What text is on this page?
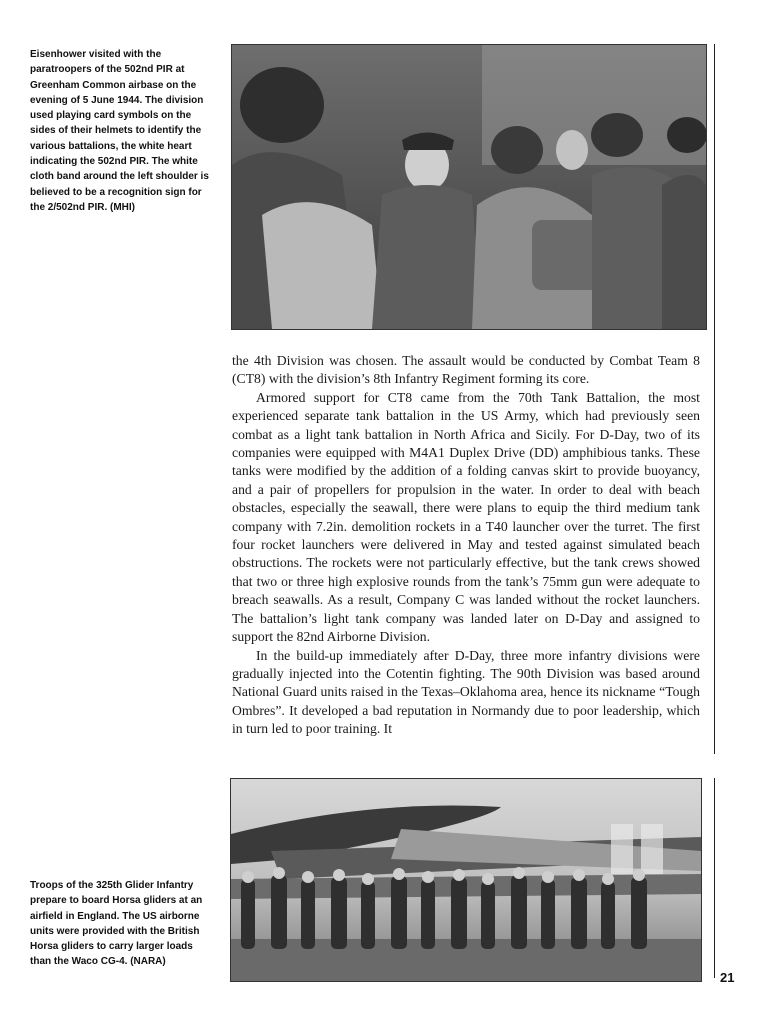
Eisenhower visited with the paratroopers of the 502nd PIR at Greenham Common airbase on the evening of 5 June 1944. The division used playing card symbols on the sides of their helmets to identify the various battalions, the white heart indicating the 502nd PIR. The white cloth band around the left shoulder is believed to be a recognition sign for the 2/502nd PIR. (MHI)

the 4th Division was chosen. The assault would be conducted by Combat Team 8 (CT8) with the division’s 8th Infantry Regiment forming its core.

Armored support for CT8 came from the 70th Tank Battalion, the most experienced separate tank battalion in the US Army, which had previously seen combat as a light tank battalion in North Africa and Sicily. For D-Day, two of its companies were equipped with M4A1 Duplex Drive (DD) amphibious tanks. These tanks were modified by the addition of a folding canvas skirt to provide buoyancy, and a pair of propellers for propulsion in the water. In order to deal with beach obstacles, especially the seawall, there were plans to equip the third medium tank company with 7.2in. demolition rockets in a T40 launcher over the turret. The first four rocket launchers were delivered in May and tested against simulated beach obstructions. The rockets were not particularly effective, but the tank crews showed that two or three high explosive rounds from the tank’s 75mm gun were adequate to breach seawalls. As a result, Company C was landed without the rocket launchers. The battalion’s light tank company was landed later on D-Day and assigned to support the 82nd Airborne Division.

In the build-up immediately after D-Day, three more infantry divisions were gradually injected into the Cotentin fighting. The 90th Division was based around National Guard units raised in the Texas–Oklahoma area, hence its nickname “Tough Ombres”. It developed a bad reputation in Normandy due to poor leadership, which in turn led to poor training. It

Troops of the 325th Glider Infantry prepare to board Horsa gliders at an airfield in England. The US airborne units were provided with the British Horsa gliders to carry larger loads than the Waco CG-4. (NARA)
21
